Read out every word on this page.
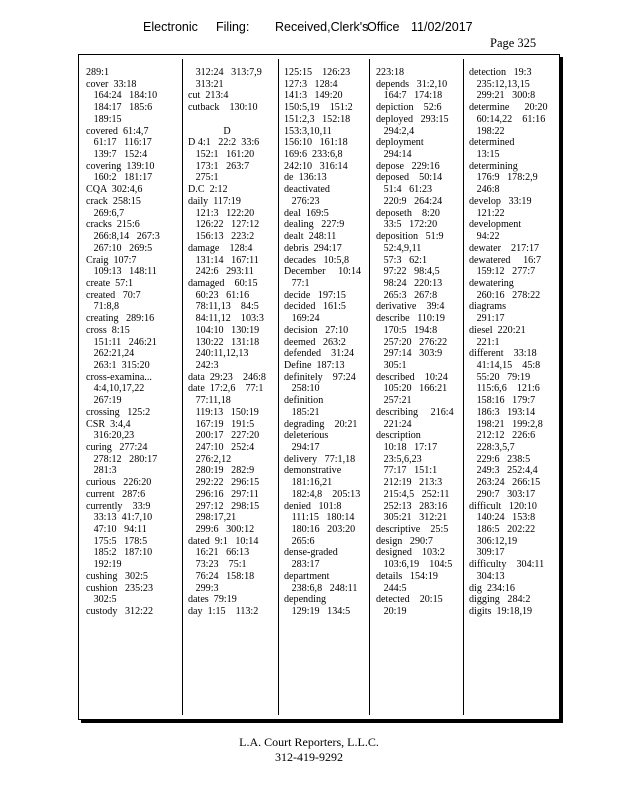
Electronic Filing: Received,Clerk's
Office 11/02/2017
Page 325
289:1
cover  33:18
164:24   184:10
184:17   185:6
189:15
covered  61:4,7
61:17   116:17
139:7   152:4
covering  139:10
160:2   181:17
CQA  302:4,6
crack  258:15
269:6,7
cracks  215:6
266:8,14   267:3
267:10   269:5
Craig  107:7
109:13   148:11
create  57:1
created   70:7
71:8,8
creating   289:16
cross  8:15
151:11   246:21
262:21,24
263:1  315:20
cross-examina...
4:4,10,17,22
267:19
crossing   125:2
CSR  3:4,4
316:20,23
curing   277:24
278:12   280:17
281:3
curious   226:20
current   287:6
currently    33:9
33:13  41:7,10
47:10   94:11
175:5   178:5
185:2   187:10
192:19
cushing   302:5
cushion   235:23
302:5
custody   312:22
312:24   313:7,9
313:21
cut  213:4
cutback    130:10
D
D 4:1   22:2  33:6
152:1   161:20
173:1   263:7
275:1
D.C  2:12
daily  117:19
121:3   122:20
126:22   127:12
156:13   223:2
damage    128:4
131:14   167:11
242:6   293:11
damaged    60:15
60:23   61:16
78:11,13    84:5
84:11,12    103:3
104:10   130:19
130:22   131:18
240:11,12,13
242:3
data  29:23    246:8
date  17:2,6    77:1
77:11,18
119:13   150:19
167:19   191:5
200:17   227:20
247:10   252:4
276:2,12
280:19   282:9
292:22   296:15
296:16   297:11
297:12   298:15
298:17,21
299:6   300:12
dated  9:1   10:14
16:21   66:13
73:23    75:1
76:24   158:18
299:3
dates  79:19
day  1:15    113:2
125:15    126:23
127:3   128:4
141:3   149:20
150:5,19    151:2
151:2,3   152:18
153:3,10,11
156:10   161:18
169:6  233:6,8
242:10   316:14
de  136:13
deactivated
276:23
deal  169:5
dealing   227:9
dealt  248:11
debris  294:17
decades   10:5,8
December     10:14
77:1
decide   197:15
decided   161:5
169:24
decision   27:10
deemed   263:2
defended    31:24
Define  187:13
definitely    97:24
258:10
definition
185:21
degrading    20:21
deleterious
294:17
delivery   77:1,18
demonstrative
181:16,21
182:4,8    205:13
denied   101:8
111:15   180:14
180:16   203:20
265:6
dense-graded
283:17
department
238:6,8   248:11
depending
129:19   134:5
223:18
depends   31:2,10
164:7   174:18
depiction    52:6
deployed   293:15
294:2,4
deployment
294:14
depose   229:16
deposed    50:14
51:4   61:23
220:9   264:24
deposeth    8:20
33:5   172:20
deposition   51:9
52:4,9,11
57:3   62:1
97:22   98:4,5
98:24   220:13
265:3   267:8
derivative    39:4
describe   110:19
170:5   194:8
257:20   276:22
297:14   303:9
305:1
described    10:24
105:20   166:21
257:21
describing     216:4
221:24
description
10:18   17:17
23:5,6,23
77:17   151:1
212:19   213:3
215:4,5   252:11
252:13   283:16
305:21   312:21
descriptive    25:5
design   290:7
designed    103:2
103:6,19    104:5
details   154:19
244:5
detected    20:15
20:19
detection   19:3
235:12,13,15
299:21   300:8
determine      20:20
60:14,22    61:16
198:22
determined
13:15
determining
176:9   178:2,9
246:8
develop   33:19
121:22
development
94:22
dewater    217:17
dewatered     16:7
159:12   277:7
dewatering
260:16   278:22
diagrams
291:17
diesel  220:21
221:1
different    33:18
41:14,15    45:8
55:20   79:19
115:6,6    121:6
158:16   179:7
186:3   193:14
198:21   199:2,8
212:12   226:6
228:3,5,7
229:6   238:5
249:3   252:4,4
263:24   266:15
290:7   303:17
difficult   120:10
140:24   153:8
186:5   202:22
306:12,19
309:17
difficulty    304:11
304:13
dig  234:16
digging   284:2
digits  19:18,19
L.A. Court Reporters, L.L.C.
312-419-9292
